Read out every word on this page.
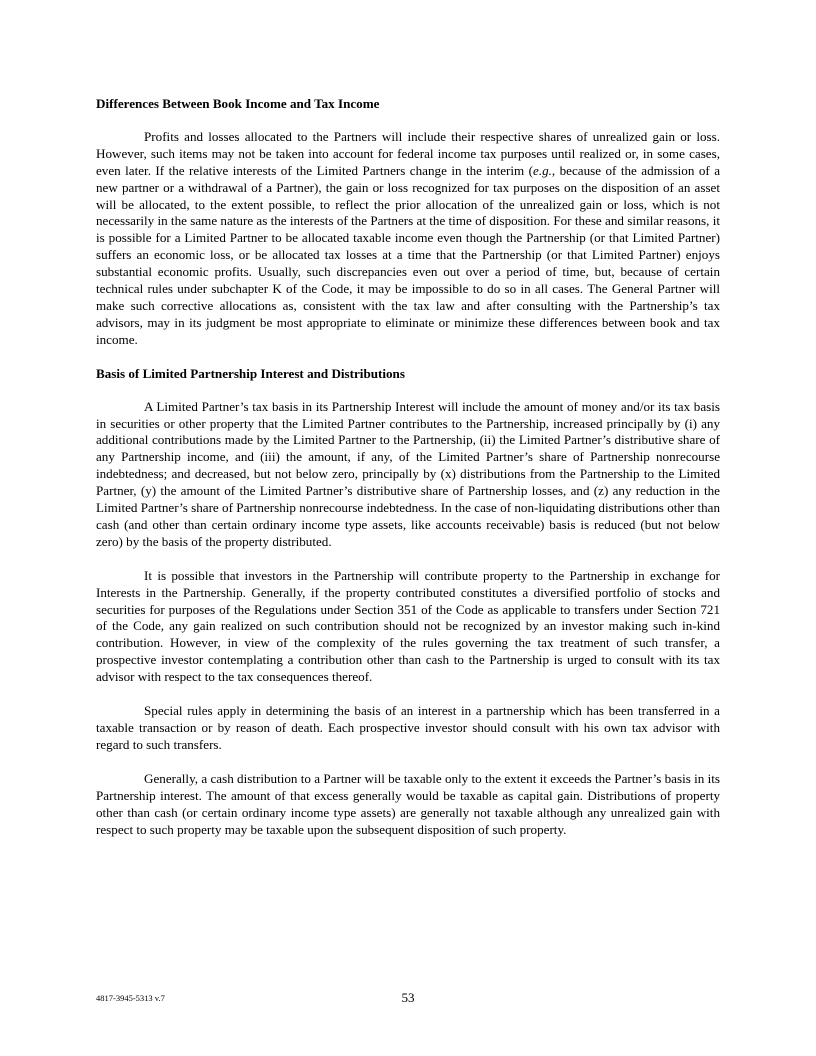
Differences Between Book Income and Tax Income

Profits and losses allocated to the Partners will include their respective shares of unrealized gain or loss. However, such items may not be taken into account for federal income tax purposes until realized or, in some cases, even later. If the relative interests of the Limited Partners change in the interim (e.g., because of the admission of a new partner or a withdrawal of a Partner), the gain or loss recognized for tax purposes on the disposition of an asset will be allocated, to the extent possible, to reflect the prior allocation of the unrealized gain or loss, which is not necessarily in the same nature as the interests of the Partners at the time of disposition. For these and similar reasons, it is possible for a Limited Partner to be allocated taxable income even though the Partnership (or that Limited Partner) suffers an economic loss, or be allocated tax losses at a time that the Partnership (or that Limited Partner) enjoys substantial economic profits. Usually, such discrepancies even out over a period of time, but, because of certain technical rules under subchapter K of the Code, it may be impossible to do so in all cases. The General Partner will make such corrective allocations as, consistent with the tax law and after consulting with the Partnership’s tax advisors, may in its judgment be most appropriate to eliminate or minimize these differences between book and tax income.

Basis of Limited Partnership Interest and Distributions

A Limited Partner’s tax basis in its Partnership Interest will include the amount of money and/or its tax basis in securities or other property that the Limited Partner contributes to the Partnership, increased principally by (i) any additional contributions made by the Limited Partner to the Partnership, (ii) the Limited Partner’s distributive share of any Partnership income, and (iii) the amount, if any, of the Limited Partner’s share of Partnership nonrecourse indebtedness; and decreased, but not below zero, principally by (x) distributions from the Partnership to the Limited Partner, (y) the amount of the Limited Partner’s distributive share of Partnership losses, and (z) any reduction in the Limited Partner’s share of Partnership nonrecourse indebtedness. In the case of non-liquidating distributions other than cash (and other than certain ordinary income type assets, like accounts receivable) basis is reduced (but not below zero) by the basis of the property distributed.

It is possible that investors in the Partnership will contribute property to the Partnership in exchange for Interests in the Partnership. Generally, if the property contributed constitutes a diversified portfolio of stocks and securities for purposes of the Regulations under Section 351 of the Code as applicable to transfers under Section 721 of the Code, any gain realized on such contribution should not be recognized by an investor making such in-kind contribution. However, in view of the complexity of the rules governing the tax treatment of such transfer, a prospective investor contemplating a contribution other than cash to the Partnership is urged to consult with its tax advisor with respect to the tax consequences thereof.

Special rules apply in determining the basis of an interest in a partnership which has been transferred in a taxable transaction or by reason of death. Each prospective investor should consult with his own tax advisor with regard to such transfers.

Generally, a cash distribution to a Partner will be taxable only to the extent it exceeds the Partner’s basis in its Partnership interest. The amount of that excess generally would be taxable as capital gain. Distributions of property other than cash (or certain ordinary income type assets) are generally not taxable although any unrealized gain with respect to such property may be taxable upon the subsequent disposition of such property.

4817-3945-5313 v.7	53
